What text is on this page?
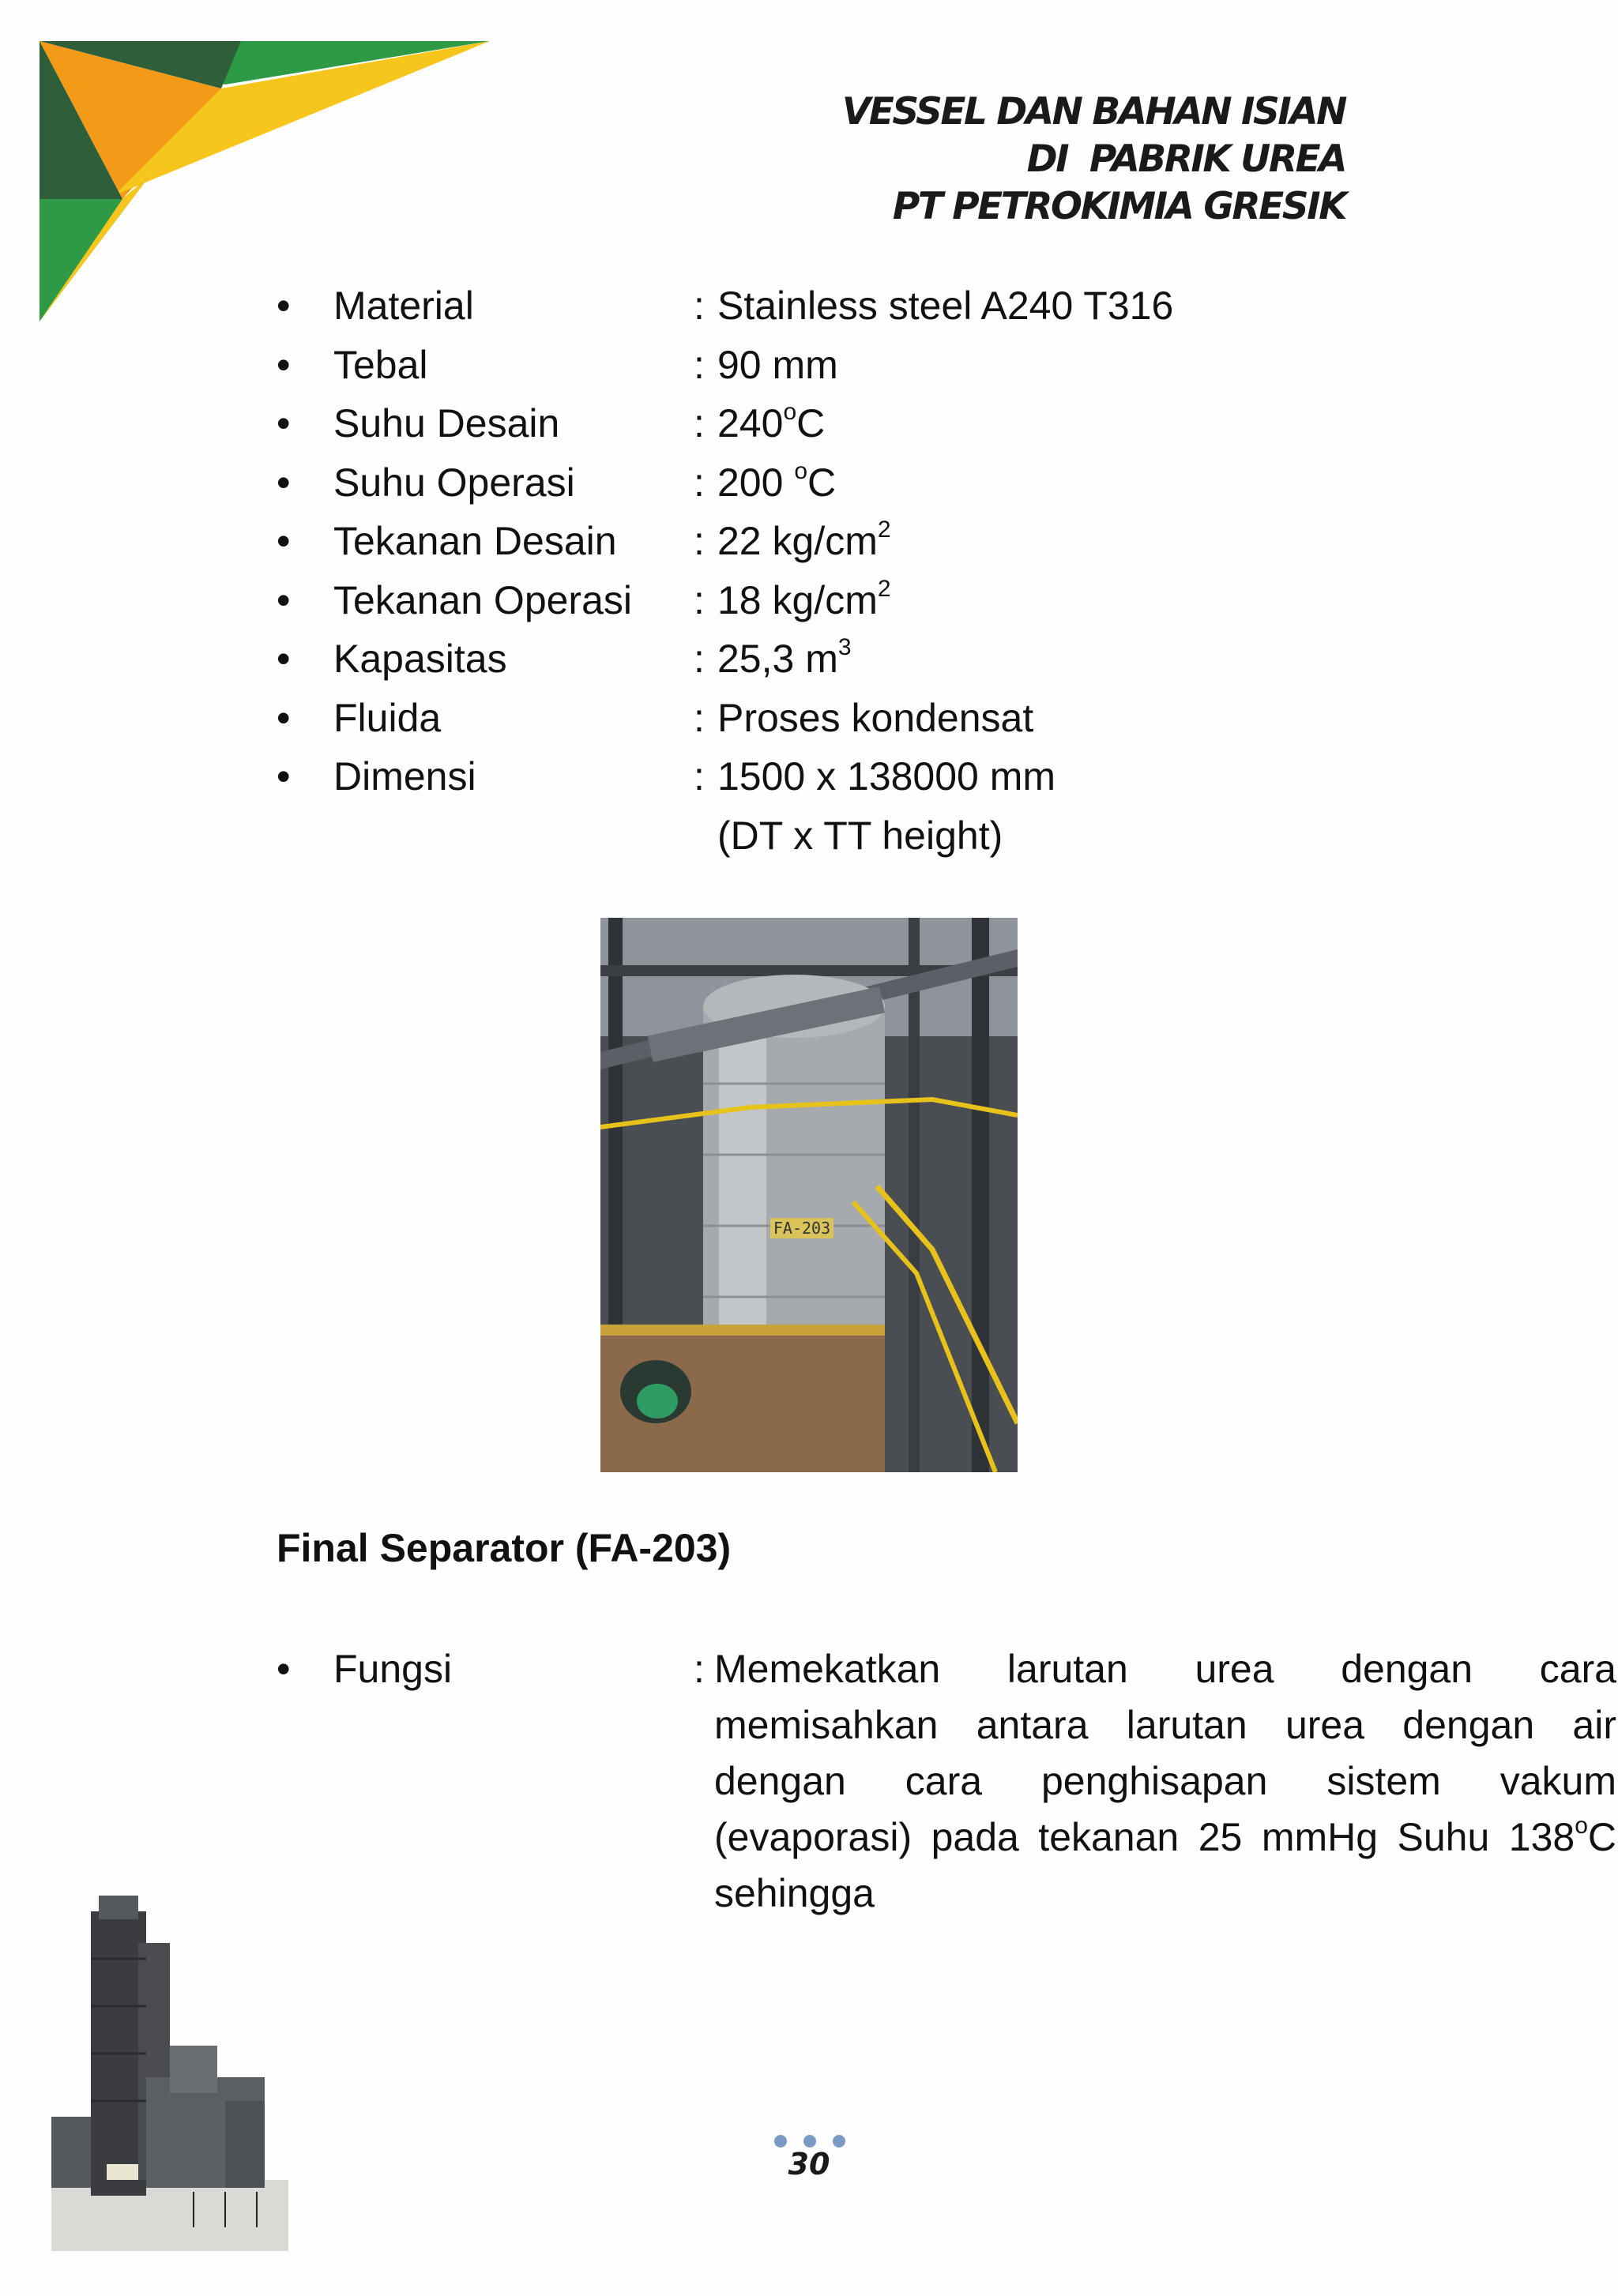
VESSEL DAN BAHAN ISIAN
DI  PABRIK UREA
PT PETROKIMIA GRESIK
• Material	: Stainless steel A240 T316
• Tebal	: 90 mm
• Suhu Desain	: 240$^o$C
• Suhu Operasi	: 200 $^o$C
• Tekanan Desain : 22 $kg/cm^2$
• Tekanan Operasi : 18 $kg/cm^2$
• Kapasitas	: 25,3 $m^3$
• Fluida	: Proses kondensat
• Dimensi	: 1500 x 138000 mm
(DT x TT height)
FA-203
Final Separator (FA-203)
• Fungsi	: Memekatkan larutan urea dengan cara memisahkan antara larutan urea dengan air dengan cara penghisapan sistem vakum (evaporasi) pada tekanan 25 mmHg Suhu 138$^o$C sehingga
30
